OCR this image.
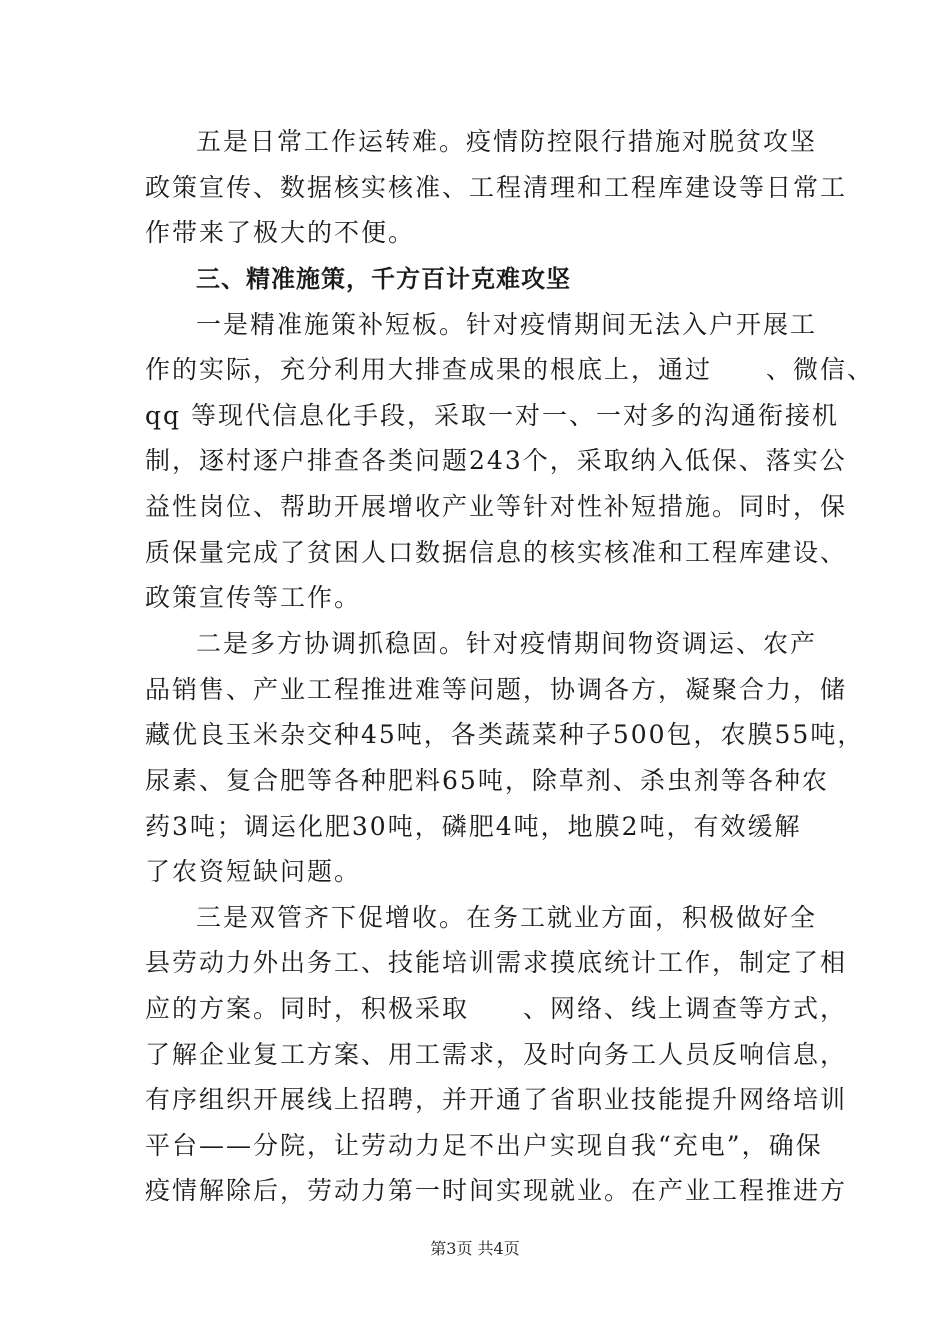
五是日常工作运转难。疫情防控限行措施对脱贫攻坚
政策宣传、数据核实核准、工程清理和工程库建设等日常工
作带来了极大的不便。
三、精准施策，千方百计克难攻坚
一是精准施策补短板。针对疫情期间无法入户开展工
作的实际，充分利用大排查成果的根底上，通过　　、微信、
qq 等现代信息化手段，采取一对一、一对多的沟通衔接机
制，逐村逐户排查各类问题243个，采取纳入低保、落实公
益性岗位、帮助开展增收产业等针对性补短措施。同时，保
质保量完成了贫困人口数据信息的核实核准和工程库建设、
政策宣传等工作。
二是多方协调抓稳固。针对疫情期间物资调运、农产
品销售、产业工程推进难等问题，协调各方，凝聚合力，储
藏优良玉米杂交种45吨，各类蔬菜种子500包，农膜55吨，
尿素、复合肥等各种肥料65吨，除草剂、杀虫剂等各种农
药3吨；调运化肥30吨，磷肥4吨，地膜2吨，有效缓解
了农资短缺问题。
三是双管齐下促增收。在务工就业方面，积极做好全
县劳动力外出务工、技能培训需求摸底统计工作，制定了相
应的方案。同时，积极采取　　、网络、线上调查等方式，
了解企业复工方案、用工需求，及时向务工人员反响信息，
有序组织开展线上招聘，并开通了省职业技能提升网络培训
平台——分院，让劳动力足不出户实现自我“充电”，确保
疫情解除后，劳动力第一时间实现就业。在产业工程推进方
第3页 共4页
